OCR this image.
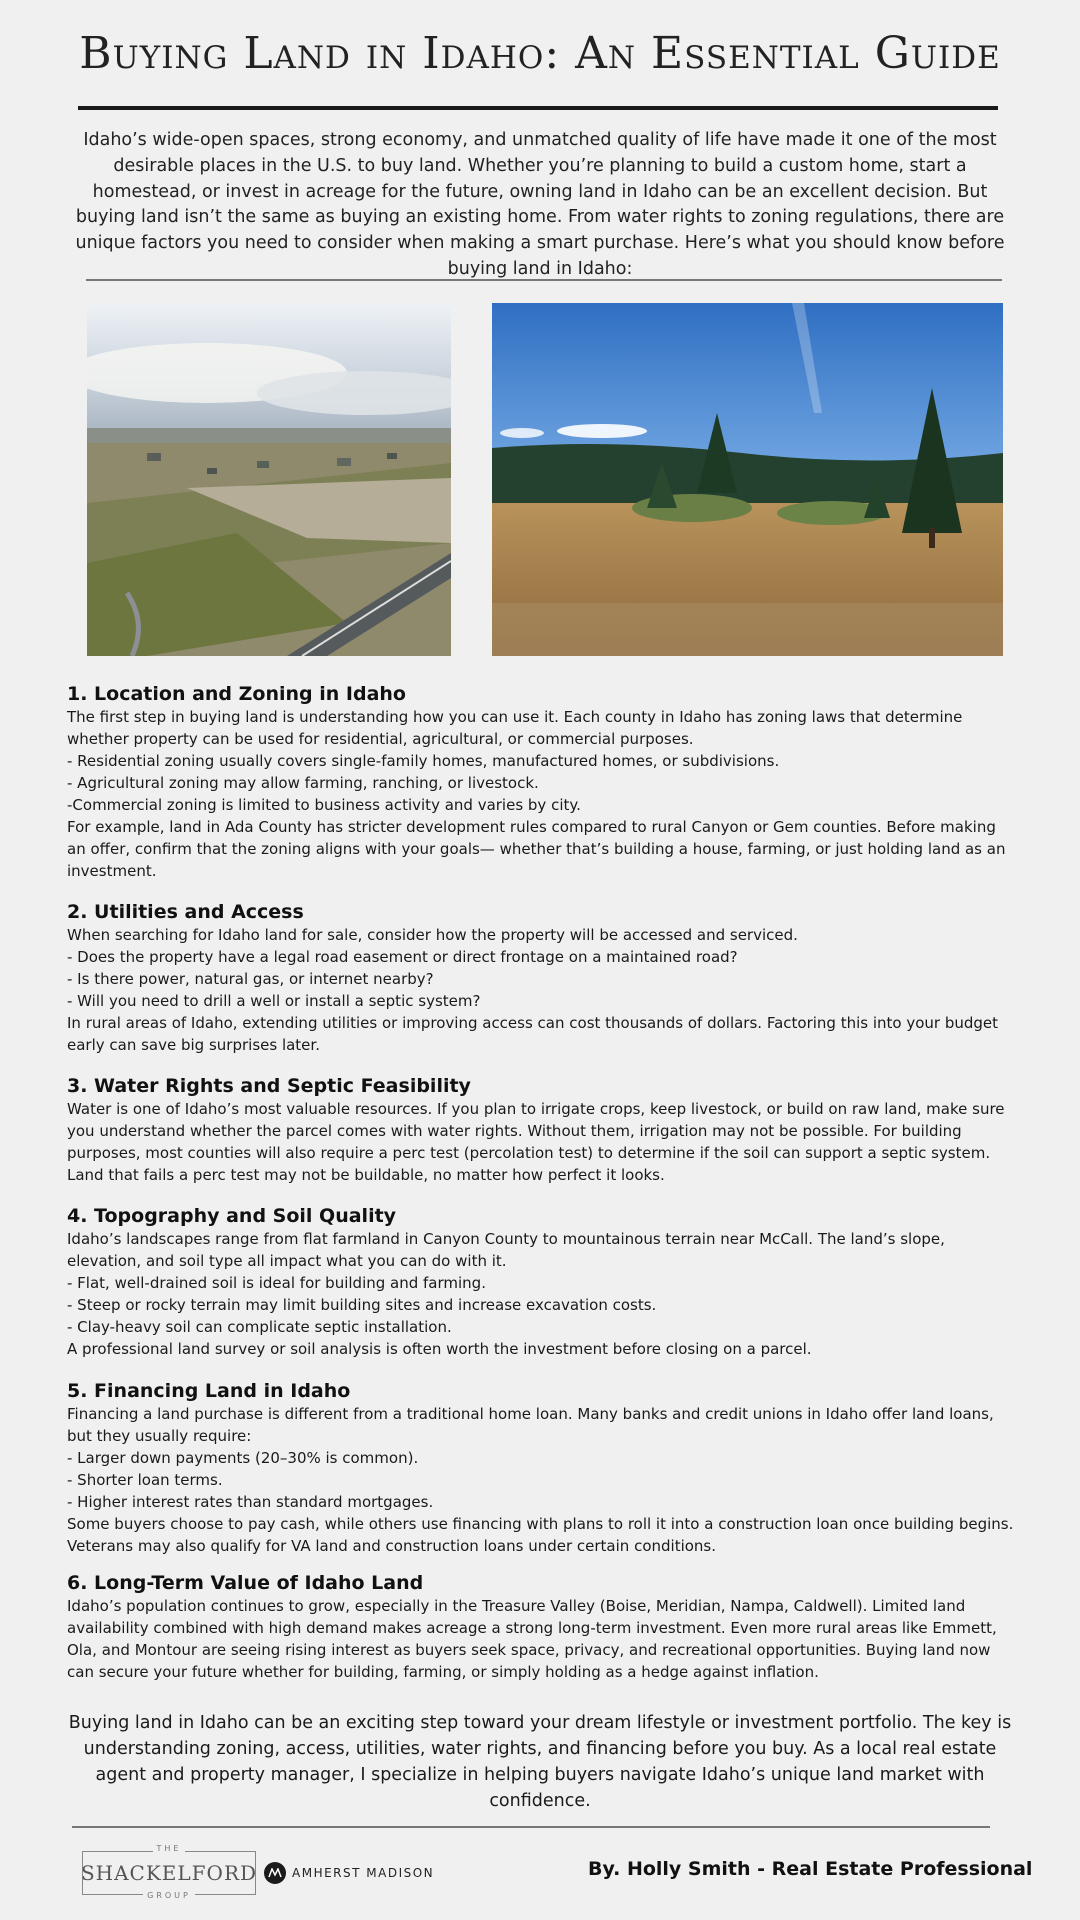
Buying Land in Idaho: An Essential Guide

Idaho’s wide-open spaces, strong economy, and unmatched quality of life have made it one of the most desirable places in the U.S. to buy land. Whether you’re planning to build a custom home, start a homestead, or invest in acreage for the future, owning land in Idaho can be an excellent decision. But buying land isn’t the same as buying an existing home. From water rights to zoning regulations, there are unique factors you need to consider when making a smart purchase. Here’s what you should know before buying land in Idaho:

1. Location and Zoning in Idaho

The first step in buying land is understanding how you can use it. Each county in Idaho has zoning laws that determine whether property can be used for residential, agricultural, or commercial purposes.

- Residential zoning usually covers single-family homes, manufactured homes, or subdivisions.

- Agricultural zoning may allow farming, ranching, or livestock.

-Commercial zoning is limited to business activity and varies by city.

For example, land in Ada County has stricter development rules compared to rural Canyon or Gem counties. Before making an offer, confirm that the zoning aligns with your goals— whether that’s building a house, farming, or just holding land as an investment.

2. Utilities and Access

When searching for Idaho land for sale, consider how the property will be accessed and serviced.

- Does the property have a legal road easement or direct frontage on a maintained road?

- Is there power, natural gas, or internet nearby?

- Will you need to drill a well or install a septic system?

In rural areas of Idaho, extending utilities or improving access can cost thousands of dollars. Factoring this into your budget early can save big surprises later.

3. Water Rights and Septic Feasibility

Water is one of Idaho’s most valuable resources. If you plan to irrigate crops, keep livestock, or build on raw land, make sure you understand whether the parcel comes with water rights. Without them, irrigation may not be possible. For building purposes, most counties will also require a perc test (percolation test) to determine if the soil can support a septic system. Land that fails a perc test may not be buildable, no matter how perfect it looks.

4. Topography and Soil Quality

Idaho’s landscapes range from flat farmland in Canyon County to mountainous terrain near McCall. The land’s slope, elevation, and soil type all impact what you can do with it.

- Flat, well-drained soil is ideal for building and farming.

- Steep or rocky terrain may limit building sites and increase excavation costs.

- Clay-heavy soil can complicate septic installation.

A professional land survey or soil analysis is often worth the investment before closing on a parcel.

5. Financing Land in Idaho

Financing a land purchase is different from a traditional home loan. Many banks and credit unions in Idaho offer land loans, but they usually require:

- Larger down payments (20–30% is common).

- Shorter loan terms.

- Higher interest rates than standard mortgages.

Some buyers choose to pay cash, while others use financing with plans to roll it into a construction loan once building begins. Veterans may also qualify for VA land and construction loans under certain conditions.

6. Long-Term Value of Idaho Land

Idaho’s population continues to grow, especially in the Treasure Valley (Boise, Meridian, Nampa, Caldwell). Limited land availability combined with high demand makes acreage a strong long-term investment. Even more rural areas like Emmett, Ola, and Montour are seeing rising interest as buyers seek space, privacy, and recreational opportunities. Buying land now can secure your future whether for building, farming, or simply holding as a hedge against inflation.

Buying land in Idaho can be an exciting step toward your dream lifestyle or investment portfolio. The key is understanding zoning, access, utilities, water rights, and financing before you buy. As a local real estate agent and property manager, I specialize in helping buyers navigate Idaho’s unique land market with confidence.

THE
SHACKELFORD
GROUP
AMHERST MADISON	By. Holly Smith - Real Estate Professional
